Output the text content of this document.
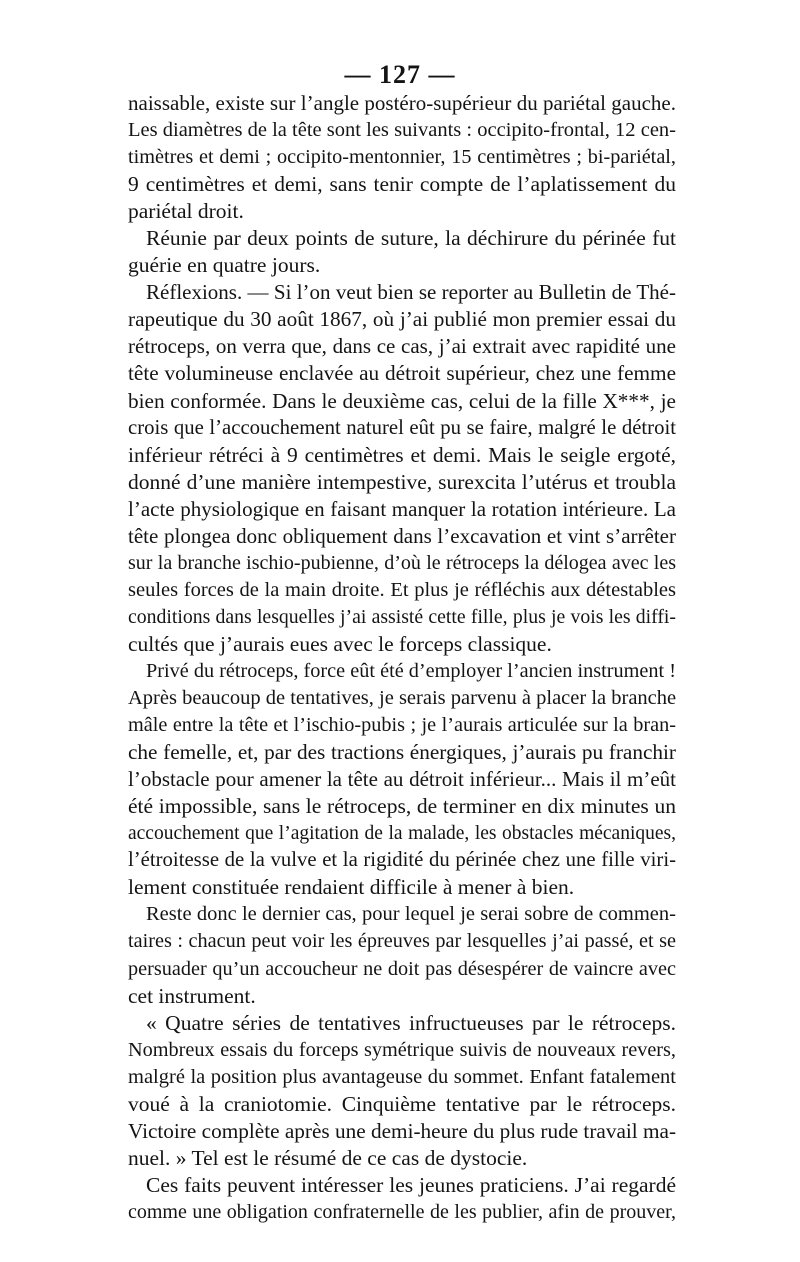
— 127 —
naissable, existe sur l’angle postéro-supérieur du pariétal gauche.
Les diamètres de la tête sont les suivants : occipito-frontal, 12 cen-
timètres et demi ; occipito-mentonnier, 15 centimètres ; bi-pariétal,
9 centimètres et demi, sans tenir compte de l’aplatissement du
pariétal droit.
Réunie par deux points de suture, la déchirure du périnée fut
guérie en quatre jours.
Réflexions. — Si l’on veut bien se reporter au Bulletin de Thé-
rapeutique du 30 août 1867, où j’ai publié mon premier essai du
rétroceps, on verra que, dans ce cas, j’ai extrait avec rapidité une
tête volumineuse enclavée au détroit supérieur, chez une femme
bien conformée. Dans le deuxième cas, celui de la fille X***, je
crois que l’accouchement naturel eût pu se faire, malgré le détroit
inférieur rétréci à 9 centimètres et demi. Mais le seigle ergoté,
donné d’une manière intempestive, surexcita l’utérus et troubla
l’acte physiologique en faisant manquer la rotation intérieure. La
tête plongea donc obliquement dans l’excavation et vint s’arrêter
sur la branche ischio-pubienne, d’où le rétroceps la délogea avec les
seules forces de la main droite. Et plus je réfléchis aux détestables
conditions dans lesquelles j’ai assisté cette fille, plus je vois les diffi-
cultés que j’aurais eues avec le forceps classique.
Privé du rétroceps, force eût été d’employer l’ancien instrument !
Après beaucoup de tentatives, je serais parvenu à placer la branche
mâle entre la tête et l’ischio-pubis ; je l’aurais articulée sur la bran-
che femelle, et, par des tractions énergiques, j’aurais pu franchir
l’obstacle pour amener la tête au détroit inférieur... Mais il m’eût
été impossible, sans le rétroceps, de terminer en dix minutes un
accouchement que l’agitation de la malade, les obstacles mécaniques,
l’étroitesse de la vulve et la rigidité du périnée chez une fille viri-
lement constituée rendaient difficile à mener à bien.
Reste donc le dernier cas, pour lequel je serai sobre de commen-
taires : chacun peut voir les épreuves par lesquelles j’ai passé, et se
persuader qu’un accoucheur ne doit pas désespérer de vaincre avec
cet instrument.
« Quatre séries de tentatives infructueuses par le rétroceps.
Nombreux essais du forceps symétrique suivis de nouveaux revers,
malgré la position plus avantageuse du sommet. Enfant fatalement
voué à la craniotomie. Cinquième tentative par le rétroceps.
Victoire complète après une demi-heure du plus rude travail ma-
nuel. » Tel est le résumé de ce cas de dystocie.
Ces faits peuvent intéresser les jeunes praticiens. J’ai regardé
comme une obligation confraternelle de les publier, afin de prouver,
